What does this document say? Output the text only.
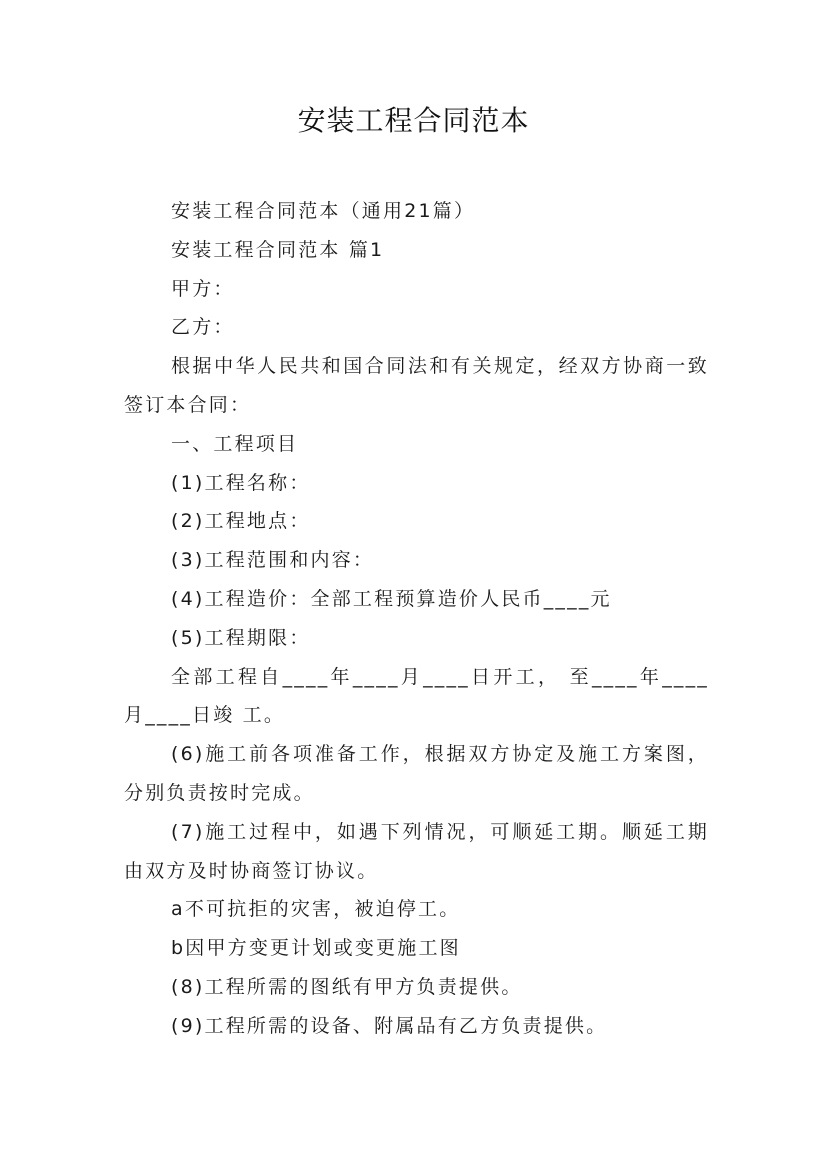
安装工程合同范本

安装工程合同范本（通用21篇）

安装工程合同范本 篇1

甲方：

乙方：

根据中华人民共和国合同法和有关规定，经双方协商一致签订本合同：

一、工程项目

(1)工程名称：

(2)工程地点：

(3)工程范围和内容：

(4)工程造价：全部工程预算造价人民币____元

(5)工程期限：

全部工程自____年____月____日开工， 至____年____月____日竣 工。

(6)施工前各项准备工作，根据双方协定及施工方案图，分别负责按时完成。

(7)施工过程中，如遇下列情况，可顺延工期。顺延工期由双方及时协商签订协议。

a不可抗拒的灾害，被迫停工。

b因甲方变更计划或变更施工图

(8)工程所需的图纸有甲方负责提供。

(9)工程所需的设备、附属品有乙方负责提供。
